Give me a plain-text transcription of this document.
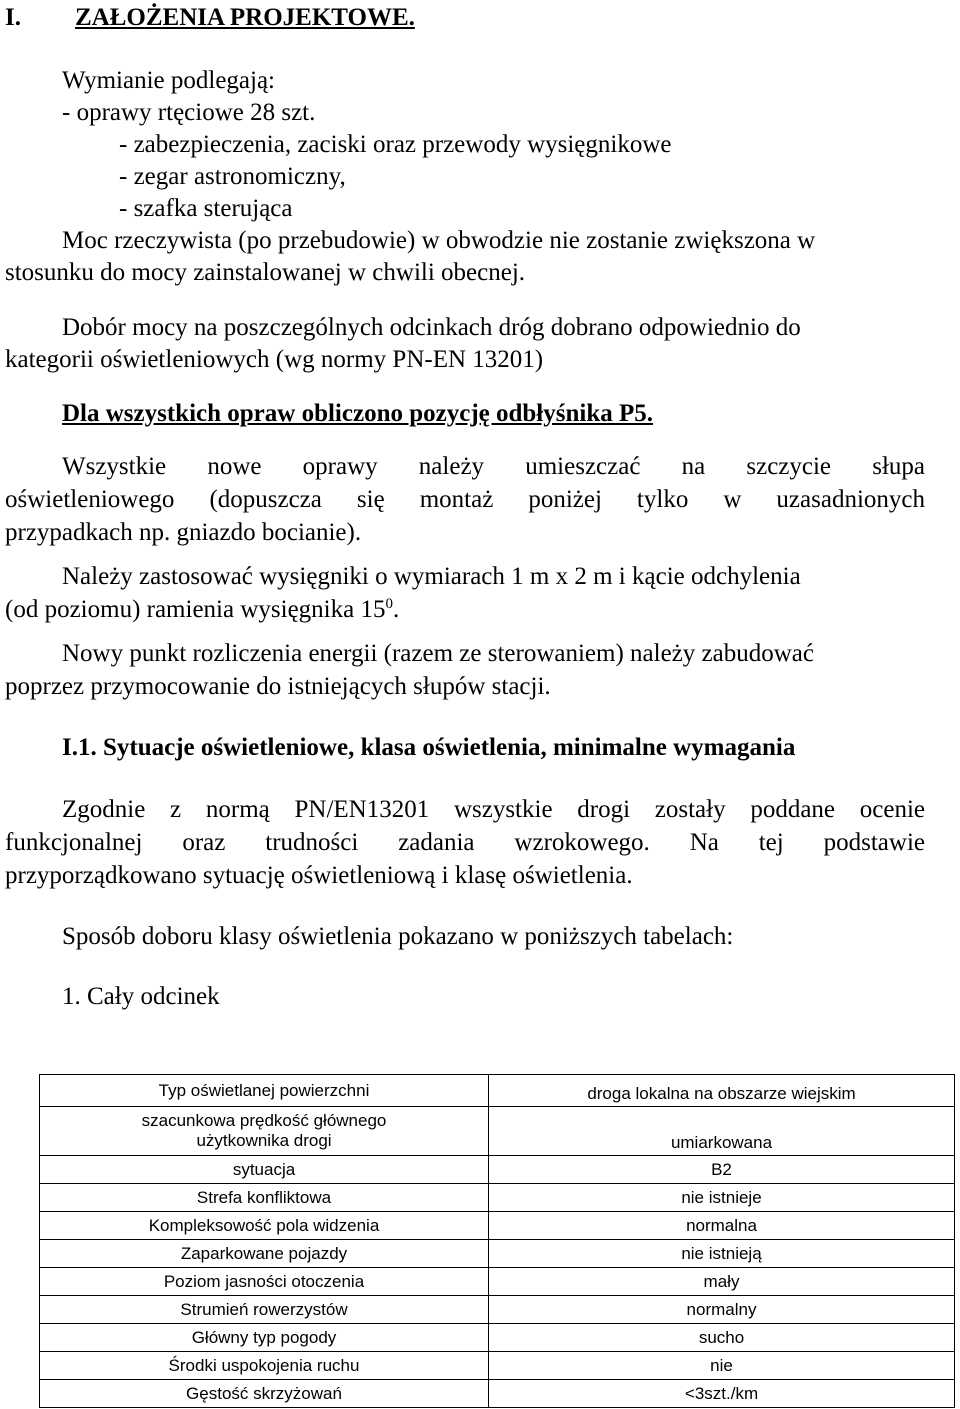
I. ZAŁOŻENIA PROJEKTOWE.

Wymianie podlegają:

- oprawy rtęciowe 28 szt.

- zabezpieczenia, zaciski oraz przewody wysięgnikowe

- zegar astronomiczny,

- szafka sterująca

Moc rzeczywista (po przebudowie) w obwodzie nie zostanie zwiększona w

stosunku do mocy zainstalowanej w chwili obecnej.

Dobór mocy na poszczególnych odcinkach dróg dobrano odpowiednio do

kategorii oświetleniowych (wg normy PN-EN 13201)

Dla wszystkich opraw obliczono pozycję odbłyśnika P5.

Wszystkie nowe oprawy należy umieszczać na szczycie słupa

oświetleniowego (dopuszcza się montaż poniżej tylko w uzasadnionych

przypadkach np. gniazdo bocianie).

Należy zastosować wysięgniki o wymiarach 1 m x 2 m i kącie odchylenia

(od poziomu) ramienia wysięgnika $15^0$.

Nowy punkt rozliczenia energii (razem ze sterowaniem) należy zabudować

poprzez przymocowanie do istniejących słupów stacji.

I.1. Sytuacje oświetleniowe, klasa oświetlenia, minimalne wymagania

Zgodnie z normą PN/EN13201 wszystkie drogi zostały poddane ocenie

funkcjonalnej oraz trudności zadania wzrokowego. Na tej podstawie

przyporządkowano sytuację oświetleniową i klasę oświetlenia.

Sposób doboru klasy oświetlenia pokazano w poniższych tabelach:

1. Cały odcinek

Typ oświetlanej powierzchni	droga lokalna na obszarze wiejskim
szacunkowa prędkość głównego
użytkownika drogi	umiarkowana
sytuacja	B2
Strefa konfliktowa	nie istnieje
Kompleksowość pola widzenia	normalna
Zaparkowane pojazdy	nie istnieją
Poziom jasności otoczenia	mały
Strumień rowerzystów	normalny
Główny typ pogody	sucho
Środki uspokojenia ruchu	nie
Gęstość skrzyżowań	<3szt./km
